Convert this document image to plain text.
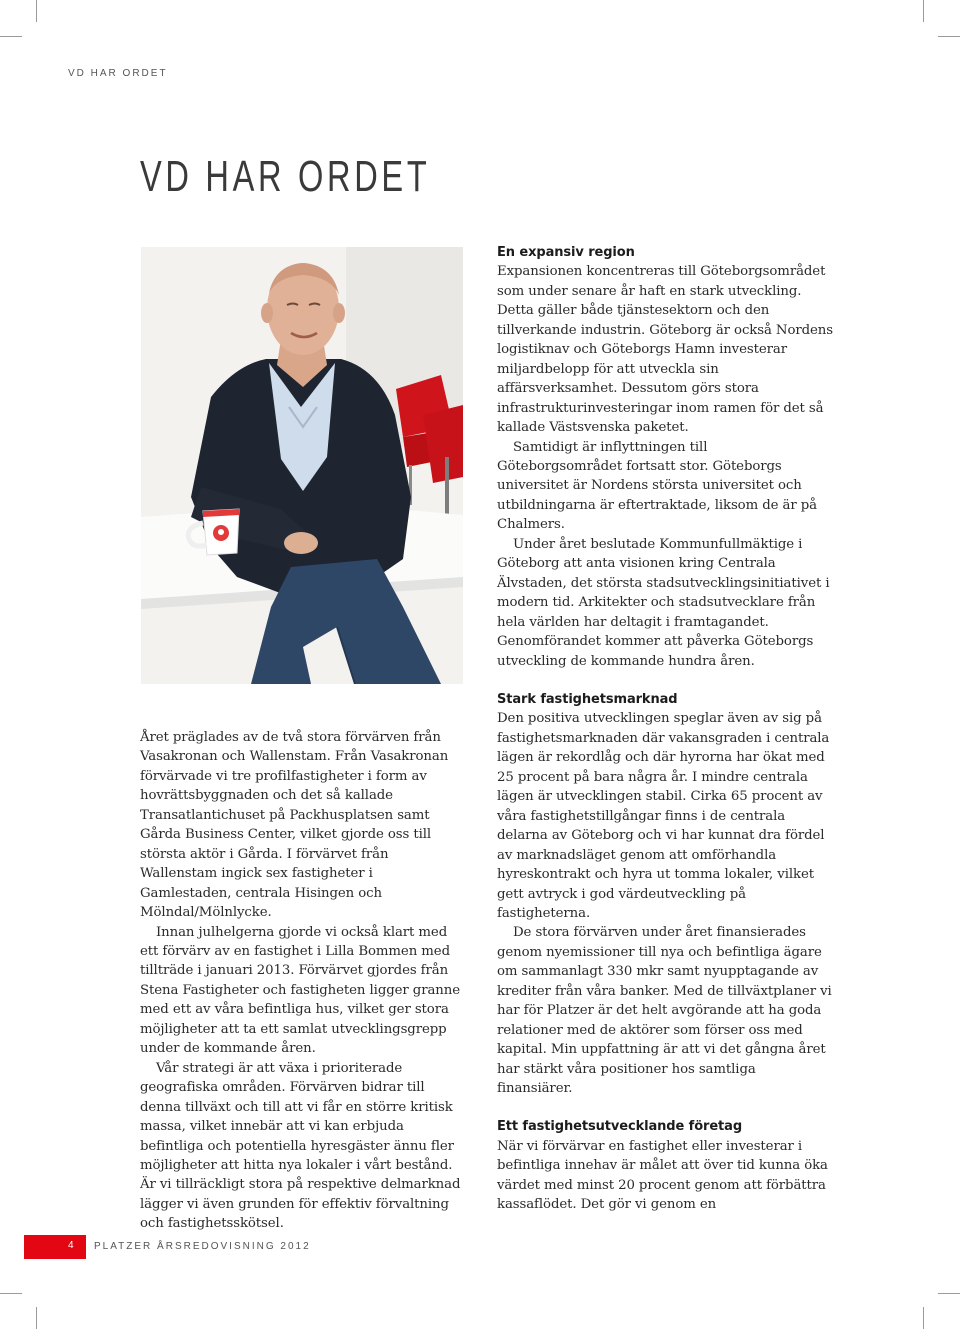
VD HAR ORDET
VD HAR ORDET

Året präglades av de två stora förvärven från Vasakronan och Wallenstam. Från Vasakronan förvärvade vi tre profilfastigheter i form av hovrättsbyggnaden och det så kallade Transatlantichuset på Packhusplatsen samt Gårda Business Center, vilket gjorde oss till största aktör i Gårda. I förvärvet från Wallenstam ingick sex fastigheter i Gamlestaden, centrala Hisingen och Mölndal/Mölnlycke.

Innan julhelgerna gjorde vi också klart med ett förvärv av en fastighet i Lilla Bommen med tillträde i januari 2013. Förvärvet gjordes från Stena Fastigheter och fastigheten ligger granne med ett av våra befintliga hus, vilket ger stora möjligheter att ta ett samlat utvecklingsgrepp under de kommande åren.

Vår strategi är att växa i prioriterade geografiska områden. Förvärven bidrar till denna tillväxt och till att vi får en större kritisk massa, vilket innebär att vi kan erbjuda befintliga och potentiella hyresgäster ännu fler möjligheter att hitta nya lokaler i vårt bestånd. Är vi tillräckligt stora på respektive delmarknad lägger vi även grunden för effektiv förvaltning och fastighetsskötsel.

En expansiv region

Expansionen koncentreras till Göteborgsområdet som under senare år haft en stark utveckling. Detta gäller både tjänstesektorn och den tillverkande industrin. Göteborg är också Nordens logistiknav och Göteborgs Hamn investerar miljardbelopp för att utveckla sin affärsverksamhet. Dessutom görs stora infrastrukturinvesteringar inom ramen för det så kallade Västsvenska paketet.

Samtidigt är inflyttningen till Göteborgsområdet fortsatt stor. Göteborgs universitet är Nordens största universitet och utbildningarna är eftertraktade, liksom de är på Chalmers.

Under året beslutade Kommunfullmäktige i Göteborg att anta visionen kring Centrala Älvstaden, det största stadsutvecklingsinitiativet i modern tid. Arkitekter och stadsutvecklare från hela världen har deltagit i framtagandet. Genomförandet kommer att påverka Göteborgs utveckling de kommande hundra åren.

Stark fastighetsmarknad

Den positiva utvecklingen speglar även av sig på fastighetsmarknaden där vakansgraden i centrala lägen är rekordlåg och där hyrorna har ökat med 25 procent på bara några år. I mindre centrala lägen är utvecklingen stabil. Cirka 65 procent av våra fastighetstillgångar finns i de centrala delarna av Göteborg och vi har kunnat dra fördel av marknadsläget genom att omförhandla hyreskontrakt och hyra ut tomma lokaler, vilket gett avtryck i god värdeutveckling på fastigheterna.

De stora förvärven under året finansierades genom nyemissioner till nya och befintliga ägare om sammanlagt 330 mkr samt nyupptagande av krediter från våra banker. Med de tillväxtplaner vi har för Platzer är det helt avgörande att ha goda relationer med de aktörer som förser oss med kapital. Min uppfattning är att vi det gångna året har stärkt våra positioner hos samtliga finansiärer.

Ett fastighetsutvecklande företag

När vi förvärvar en fastighet eller investerar i befintliga innehav är målet att över tid kunna öka värdet med minst 20 procent genom att förbättra kassaflödet. Det gör vi genom en

4 PLATZER ÅRSREDOVISNING 2012
